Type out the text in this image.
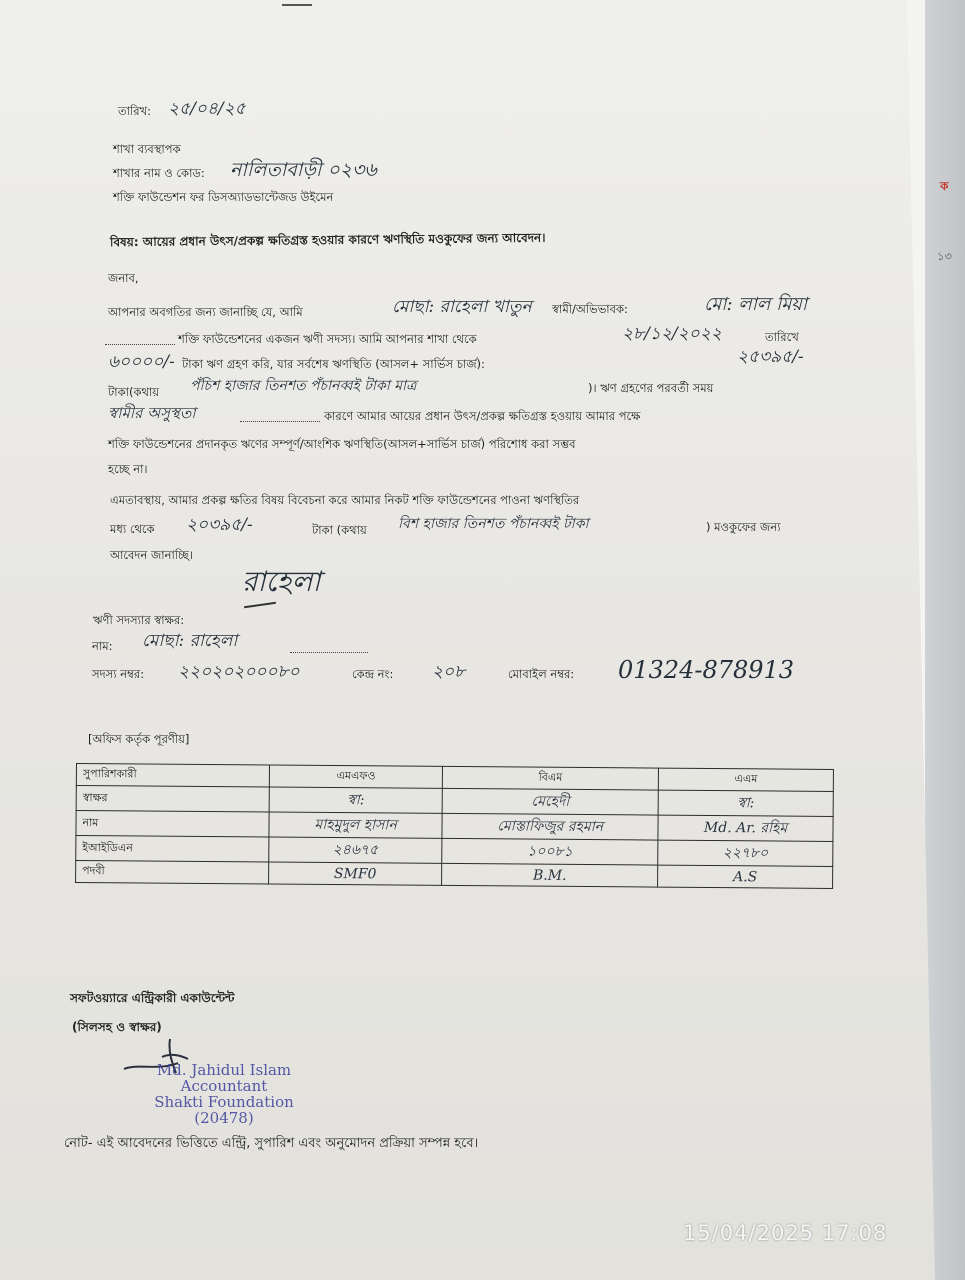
ক
১৩
তারিখ: ২৫/০৪/২৫
শাখা ব্যবস্থাপক
শাখার নাম ও কোড: নালিতাবাড়ী ০২৩৬
শক্তি ফাউন্ডেশন ফর ডিসঅ্যাডভান্টেজড উইমেন
বিষয়: আয়ের প্রধান উৎস/প্রকল্প ক্ষতিগ্রস্ত হওয়ার কারণে ঋণস্থিতি মওকুফের জন্য আবেদন।
জনাব,
আপনার অবগতির জন্য জানাচ্ছি যে, আমি	মোছা: রাহেলা খাতুন স্বামী/অভিভাবক:	মো: লাল মিয়া
শক্তি ফাউন্ডেশনের একজন ঋণী সদস্য। আমি আপনার শাখা থেকে	২৮/১২/২০২২	তারিখে
৬০০০০/- টাকা ঋণ গ্রহণ করি, যার সর্বশেষ ঋণস্থিতি (আসল+ সার্ভিস চার্জ):	২৫৩৯৫/-
টাকা(কথায় পঁচিশ হাজার তিনশত পঁচানব্বই টাকা মাত্র	)। ঋণ গ্রহণের পরবর্তী সময়
স্বামীর অসুস্থতা	কারণে আমার আয়ের প্রধান উৎস/প্রকল্প ক্ষতিগ্রস্ত হওয়ায় আমার পক্ষে
শক্তি ফাউন্ডেশনের প্রদানকৃত ঋণের সম্পূর্ণ/আংশিক ঋণস্থিতি(আসল+সার্ভিস চার্জ) পরিশোধ করা সম্ভব
হচ্ছে না।
এমতাবস্থায়, আমার প্রকল্প ক্ষতির বিষয় বিবেচনা করে আমার নিকট শক্তি ফাউন্ডেশনের পাওনা ঋণস্থিতির
মধ্য থেকে ২০৩৯৫/-	টাকা (কথায় বিশ হাজার তিনশত পঁচানব্বই টাকা	) মওকুফের জন্য
আবেদন জানাচ্ছি।
রাহেলা
ঋণী সদস্যার স্বাক্ষর:
নাম: মোছা: রাহেলা
সদস্য নম্বর: ২২০২০২০০০৮০	কেন্দ্র নং: ২০৮	মোবাইল নম্বর: 01324-878913
[অফিস কর্তৃক পূরণীয়]
সুপারিশকারী	এমএফও	বিএম	এএম
স্বাক্ষর	স্বা:	মেহেদী	স্বা:
নাম	মাহমুদুল হাসান	মোস্তাফিজুর রহমান	Md. Ar. রহিম
ইআইডিএন	২৪৬৭৫	১০০৮১	২২৭৮০
পদবী	SMF0	B.M.	A.S
সফটওয়্যারে এন্ট্রিকারী একাউন্টেন্ট
(সিলসহ ও স্বাক্ষর)
Md. Jahidul Islam
Accountant
Shakti Foundation
(20478)
নোট- এই আবেদনের ভিত্তিতে এন্ট্রি, সুপারিশ এবং অনুমোদন প্রক্রিয়া সম্পন্ন হবে।
15/04/2025 17:08
